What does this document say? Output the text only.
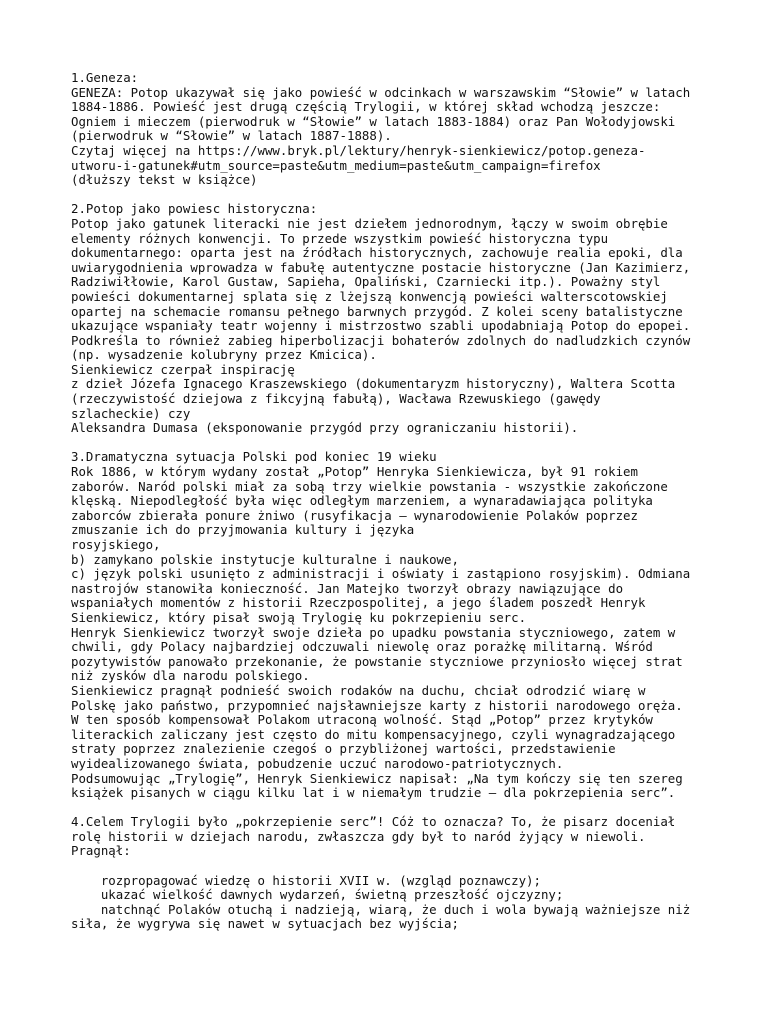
1.Geneza:
GENEZA: Potop ukazywał się jako powieść w odcinkach w warszawskim “Słowie” w latach
1884-1886. Powieść jest drugą częścią Trylogii, w której skład wchodzą jeszcze:
Ogniem i mieczem (pierwodruk w “Słowie” w latach 1883-1884) oraz Pan Wołodyjowski
(pierwodruk w “Słowie” w latach 1887-1888).
Czytaj więcej na https://www.bryk.pl/lektury/henryk-sienkiewicz/potop.geneza-
utworu-i-gatunek#utm_source=paste&utm_medium=paste&utm_campaign=firefox
(dłuższy tekst w książce)

2.Potop jako powiesc historyczna:
Potop jako gatunek literacki nie jest dziełem jednorodnym, łączy w swoim obrębie
elementy różnych konwencji. To przede wszystkim powieść historyczna typu
dokumentarnego: oparta jest na źródłach historycznych, zachowuje realia epoki, dla
uwiarygodnienia wprowadza w fabułę autentyczne postacie historyczne (Jan Kazimierz,
Radziwiłłowie, Karol Gustaw, Sapieha, Opaliński, Czarniecki itp.). Poważny styl
powieści dokumentarnej splata się z lżejszą konwencją powieści walterscotowskiej
opartej na schemacie romansu pełnego barwnych przygód. Z kolei sceny batalistyczne
ukazujące wspaniały teatr wojenny i mistrzostwo szabli upodabniają Potop do epopei.
Podkreśla to również zabieg hiperbolizacji bohaterów zdolnych do nadludzkich czynów
(np. wysadzenie kolubryny przez Kmicica).
Sienkiewicz czerpał inspirację
z dzieł Józefa Ignacego Kraszewskiego (dokumentaryzm historyczny), Waltera Scotta
(rzeczywistość dziejowa z fikcyjną fabułą), Wacława Rzewuskiego (gawędy
szlacheckie) czy
Aleksandra Dumasa (eksponowanie przygód przy ograniczaniu historii).

3.Dramatyczna sytuacja Polski pod koniec 19 wieku
Rok 1886, w którym wydany został „Potop” Henryka Sienkiewicza, był 91 rokiem
zaborów. Naród polski miał za sobą trzy wielkie powstania - wszystkie zakończone
klęską. Niepodległość była więc odległym marzeniem, a wynaradawiająca polityka
zaborców zbierała ponure żniwo (rusyfikacja – wynarodowienie Polaków poprzez
zmuszanie ich do przyjmowania kultury i języka
rosyjskiego,
b) zamykano polskie instytucje kulturalne i naukowe,
c) język polski usunięto z administracji i oświaty i zastąpiono rosyjskim). Odmiana
nastrojów stanowiła konieczność. Jan Matejko tworzył obrazy nawiązujące do
wspaniałych momentów z historii Rzeczpospolitej, a jego śladem poszedł Henryk
Sienkiewicz, który pisał swoją Trylogię ku pokrzepieniu serc.
Henryk Sienkiewicz tworzył swoje dzieła po upadku powstania styczniowego, zatem w
chwili, gdy Polacy najbardziej odczuwali niewolę oraz porażkę militarną. Wśród
pozytywistów panowało przekonanie, że powstanie styczniowe przyniosło więcej strat
niż zysków dla narodu polskiego.
Sienkiewicz pragnął podnieść swoich rodaków na duchu, chciał odrodzić wiarę w
Polskę jako państwo, przypomnieć najsławniejsze karty z historii narodowego oręża.
W ten sposób kompensował Polakom utraconą wolność. Stąd „Potop” przez krytyków
literackich zaliczany jest często do mitu kompensacyjnego, czyli wynagradzającego
straty poprzez znalezienie czegoś o przybliżonej wartości, przedstawienie
wyidealizowanego świata, pobudzenie uczuć narodowo-patriotycznych.
Podsumowując „Trylogię”, Henryk Sienkiewicz napisał: „Na tym kończy się ten szereg
książek pisanych w ciągu kilku lat i w niemałym trudzie – dla pokrzepienia serc”.

4.Celem Trylogii było „pokrzepienie serc”! Cóż to oznacza? To, że pisarz doceniał
rolę historii w dziejach narodu, zwłaszcza gdy był to naród żyjący w niewoli.
Pragnął:

rozpropagować wiedzę o historii XVII w. (wzgląd poznawczy);
ukazać wielkość dawnych wydarzeń, świetną przeszłość ojczyzny;
natchnąć Polaków otuchą i nadzieją, wiarą, że duch i wola bywają ważniejsze niż
siła, że wygrywa się nawet w sytuacjach bez wyjścia;
